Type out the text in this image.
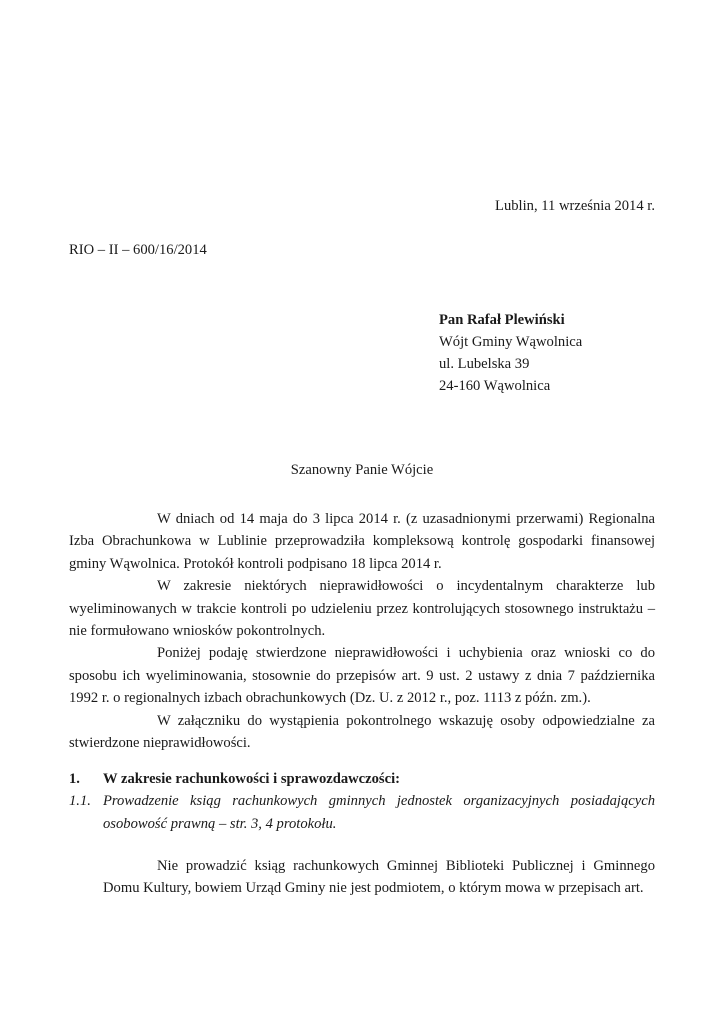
Lublin, 11 września 2014 r.
RIO – II – 600/16/2014
Pan Rafał Plewiński
Wójt Gminy Wąwolnica
ul. Lubelska 39
24-160 Wąwolnica
Szanowny Panie Wójcie

W dniach od 14 maja do 3 lipca 2014 r. (z uzasadnionymi przerwami) Regionalna Izba Obrachunkowa w Lublinie przeprowadziła kompleksową kontrolę gospodarki finansowej gminy Wąwolnica. Protokół kontroli podpisano 18 lipca 2014 r.

W zakresie niektórych nieprawidłowości o incydentalnym charakterze lub wyeliminowanych w trakcie kontroli po udzieleniu przez kontrolujących stosownego instruktażu – nie formułowano wniosków pokontrolnych.

Poniżej podaję stwierdzone nieprawidłowości i uchybienia oraz wnioski co do sposobu ich wyeliminowania, stosownie do przepisów art. 9 ust. 2 ustawy z dnia 7 października 1992 r. o regionalnych izbach obrachunkowych (Dz. U. z 2012 r., poz. 1113 z późn. zm.).

W załączniku do wystąpienia pokontrolnego wskazuję osoby odpowiedzialne za stwierdzone nieprawidłowości.

1.	W zakresie rachunkowości i sprawozdawczości:
1.1. Prowadzenie ksiąg rachunkowych gminnych jednostek organizacyjnych posiadających osobowość prawną – str. 3, 4 protokołu.

Nie prowadzić ksiąg rachunkowych Gminnej Biblioteki Publicznej i Gminnego Domu Kultury, bowiem Urząd Gminy nie jest podmiotem, o którym mowa w przepisach art.
